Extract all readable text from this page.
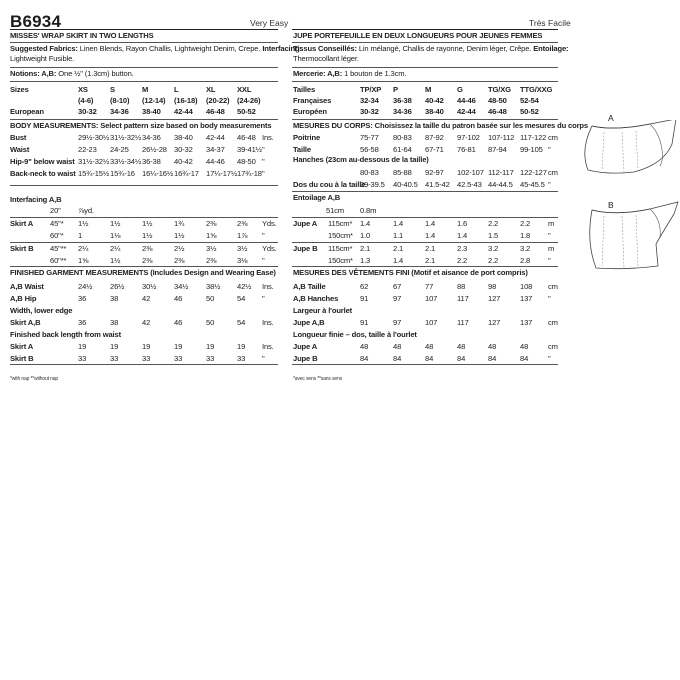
B6934	Very Easy	Très Facile
MISSES' WRAP SKIRT IN TWO LENGTHS
Suggested Fabrics: Linen Blends, Rayon Challis, Lightweight Denim, Crepe. Interfacing:
Lightweight Fusible.
Notions: A,B: One ½" (1.3cm) button.
Sizes	XS
(4-6)
30-32
S
(8-10)
34-36
M
(12-14)
38-40
L
(16-18)
42-44
XL
(20-22)
46-48
XXL
(24-26)
50-52
European
BODY MEASUREMENTS: Select pattern size based on body measurements
Bust	29½-30½ 31½-32½ 34-36 38-40 42-44 46-48 Ins.
Waist	22-23 24-25 26½-28 30-32 34-37 39-41½ "
Hip-9" below waist 31½-32½ 33½-34½ 36-38 40-42 44-46 48-50 "
Back-neck to waist 15¾-15½ 15¾-16 16¼-16½ 16¾-17 17¼-17½ 17¾-18 "
Interfacing A,B
20" ⅞yd.
Skirt A 45"* 1½	1½	1½	1¾	2⅜	2⅜ Yds.
60"* 1	1⅛	1½	1½	1⅝	1⅞ "
Skirt B 45"** 2¼	2¼	2⅜	2½	3½	3½ Yds.
60"** 1⅝	1½	2⅜	2⅜	2⅜	3⅛ "
FINISHED GARMENT MEASUREMENTS (Includes Design and Wearing Ease)
A,B Waist	24½ 26½ 30½ 34½ 38½ 42½ Ins.
A,B Hip	36	38	42	46	50	54 "
Width, lower edge
Skirt A,B	36	38	42	46	50	54 Ins.
Finished back length from waist
Skirt A	19	19	19	19	19	19 Ins.
Skirt B	33	33	33	33	33	33 "
*with nap **without nap
JUPE PORTEFEUILLE EN DEUX LONGUEURS POUR JEUNES FEMMES
Tissus Conseillés: Lin mélangé, Challis de rayonne, Denim léger, Crêpe. Entoilage:
Thermocollant léger.
Mercerie: A,B: 1 bouton de 1.3cm.
Tailles	TP/XP
32-34
30-32
P
36-38
34-36
M
40-42
38-40
G
44-46
42-44
TG/XG
48-50
46-48
TTG/XXG
52-54
50-52
Françaises
Européen
MESURES DU CORPS: Choisissez la taille du patron basée sur les mesures du corps
Poitrine	75-77 80-83 87-92 97-102 107-112 117-122 cm
Taille	56-58 61-64 67-71 76-81 87-94 99-105 "
Hanches (23cm au-dessous de la taille)
80-83 85-88 92-97 102-107 112-117 122-127 cm
Dos du cou à la taille
39-39.5 40-40.5 41.5-42 42.5-43 44-44.5 45-45.5 "
Entoilage A,B
51cm 0.8m
Jupe A 115cm* 1.4	1.4	1.4	1.6	2.2	2.2 m
150cm* 1.0	1.1	1.4	1.4	1.5	1.8 "
Jupe B 115cm* 2.1	2.1	2.1	2.3	3.2	3.2 m
150cm* 1.3	1.4	2.1	2.2	2.2	2.8 "
MESURES DES VÊTEMENTS FINI (Motif et aisance de port compris)
A,B Taille	62	67	77	88	98	108 cm
A,B Hanches	91	97	107	117	127	137 "
Largeur à l'ourlet
Jupe A,B	91	97	107	117	127	137 cm
Longueur finie – dos, taille à l'ourlet
Jupe A	48	48	48	48	48	48	cm
Jupe B	84	84	84	84	84	84	"
*avec sens **sans sens
A
B
